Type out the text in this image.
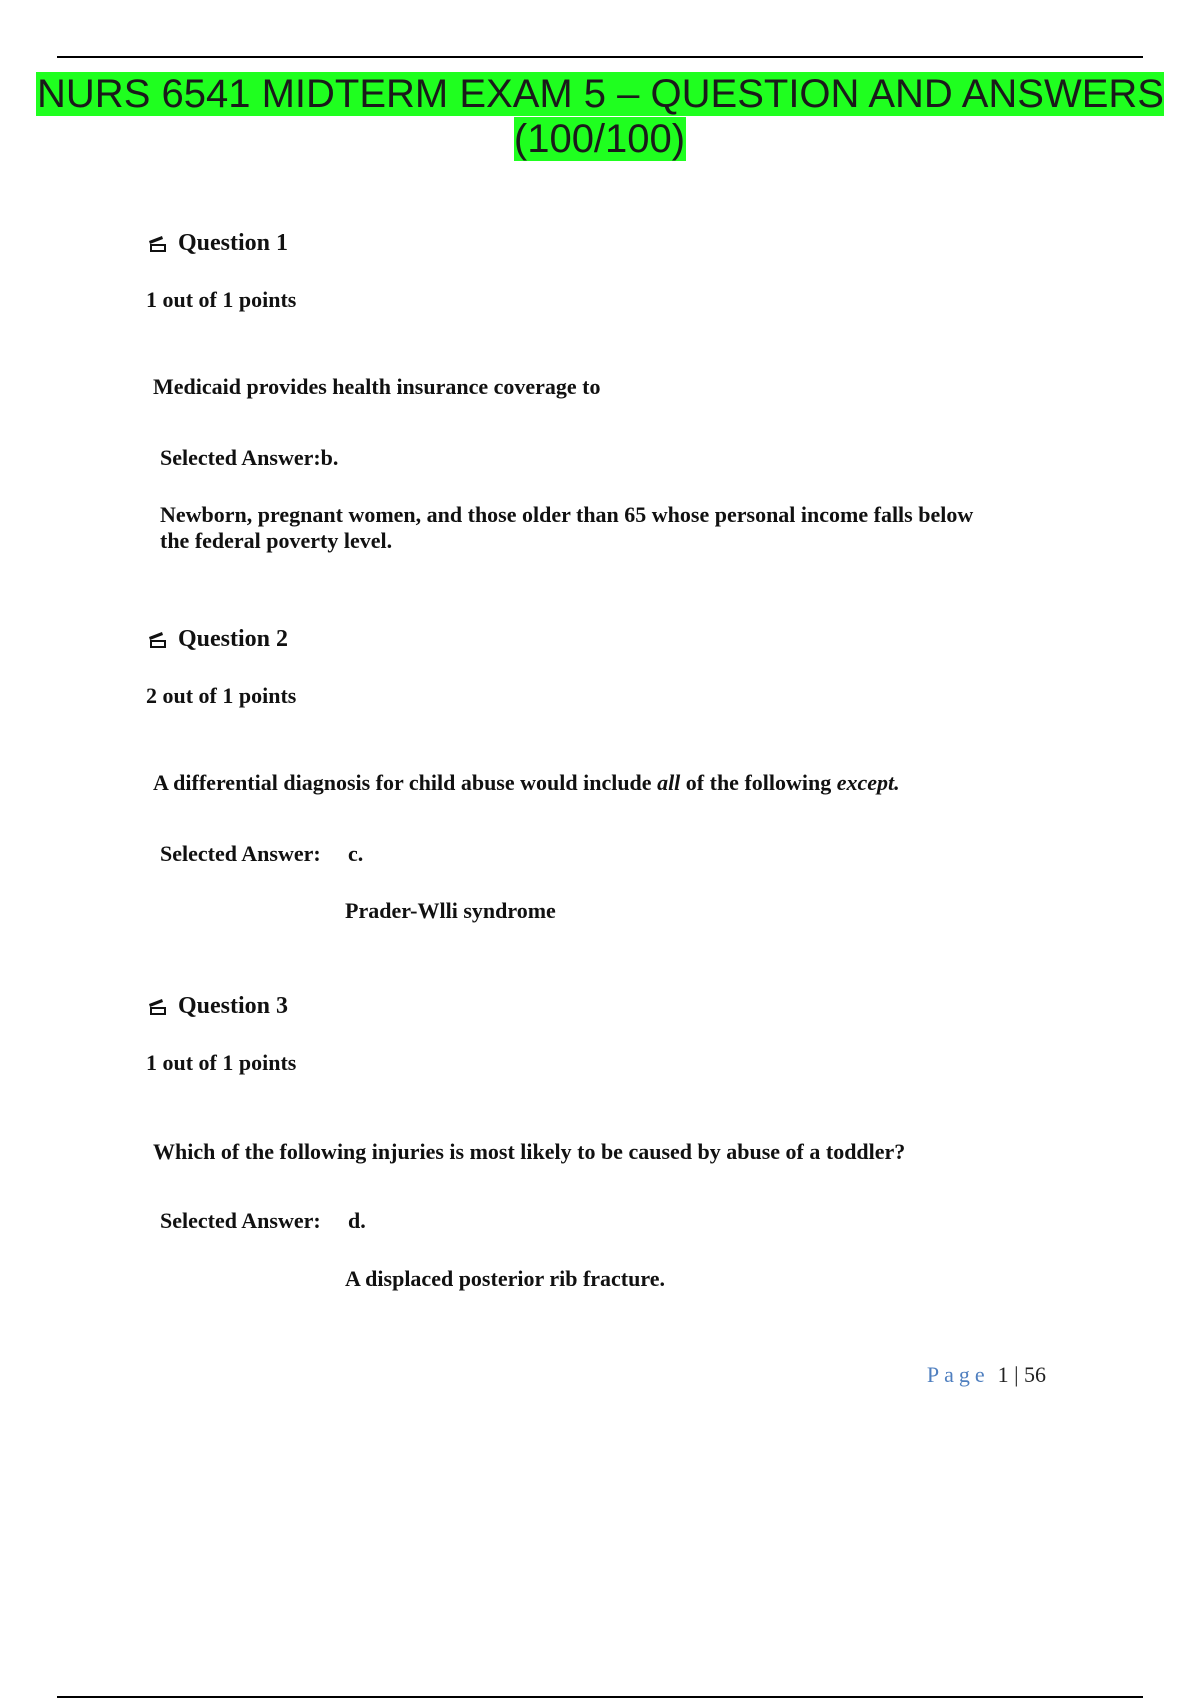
NURS 6541 MIDTERM EXAM 5 – QUESTION AND ANSWERS (100/100)
Question 1
1 out of 1 points
Medicaid provides health insurance coverage to
Selected Answer:b.
Newborn, pregnant women, and those older than 65 whose personal income falls below the federal poverty level.
Question 2
2 out of 1 points
A differential diagnosis for child abuse would include all of the following except.
Selected Answer: c.
Prader-Wlli syndrome
Question 3
1 out of 1 points
Which of the following injuries is most likely to be caused by abuse of a toddler?
Selected Answer: d.
A displaced posterior rib fracture.
Page 1 | 56
